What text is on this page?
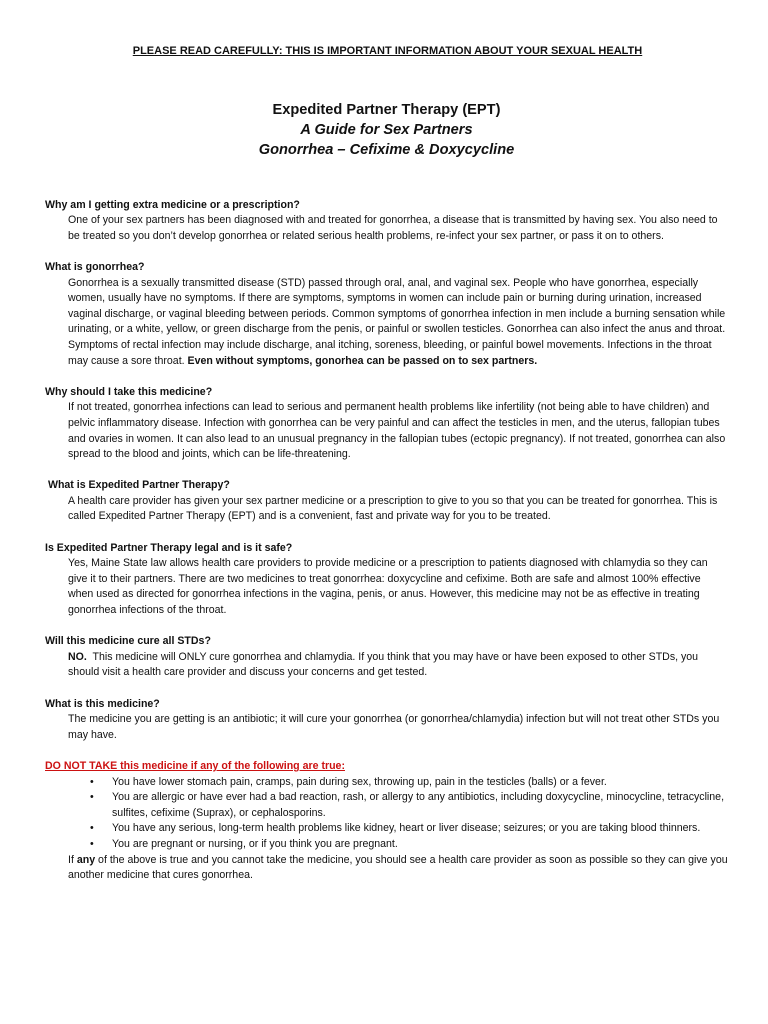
PLEASE READ CAREFULLY: THIS IS IMPORTANT INFORMATION ABOUT YOUR SEXUAL HEALTH
Expedited Partner Therapy (EPT)
A Guide for Sex Partners
Gonorrhea – Cefixime & Doxycycline
Why am I getting extra medicine or a prescription?
One of your sex partners has been diagnosed with and treated for gonorrhea, a disease that is transmitted by having sex. You also need to be treated so you don’t develop gonorrhea or related serious health problems, re-infect your sex partner, or pass it on to others.
What is gonorrhea?
Gonorrhea is a sexually transmitted disease (STD) passed through oral, anal, and vaginal sex. People who have gonorrhea, especially women, usually have no symptoms. If there are symptoms, symptoms in women can include pain or burning during urination, increased vaginal discharge, or vaginal bleeding between periods. Common symptoms of gonorrhea infection in men include a burning sensation while urinating, or a white, yellow, or green discharge from the penis, or painful or swollen testicles. Gonorrhea can also infect the anus and throat. Symptoms of rectal infection may include discharge, anal itching, soreness, bleeding, or painful bowel movements. Infections in the throat may cause a sore throat. Even without symptoms, gonorhea can be passed on to sex partners.
Why should I take this medicine?
If not treated, gonorrhea infections can lead to serious and permanent health problems like infertility (not being able to have children) and pelvic inflammatory disease. Infection with gonorrhea can be very painful and can affect the testicles in men, and the uterus, fallopian tubes and ovaries in women. It can also lead to an unusual pregnancy in the fallopian tubes (ectopic pregnancy). If not treated, gonorrhea can also spread to the blood and joints, which can be life-threatening.
What is Expedited Partner Therapy?
A health care provider has given your sex partner medicine or a prescription to give to you so that you can be treated for gonorrhea. This is called Expedited Partner Therapy (EPT) and is a convenient, fast and private way for you to be treated.
Is Expedited Partner Therapy legal and is it safe?
Yes, Maine State law allows health care providers to provide medicine or a prescription to patients diagnosed with chlamydia so they can give it to their partners. There are two medicines to treat gonorrhea: doxycycline and cefixime. Both are safe and almost 100% effective when used as directed for gonorrhea infections in the vagina, penis, or anus. However, this medicine may not be as effective in treating gonorrhea infections of the throat.
Will this medicine cure all STDs?
NO.  This medicine will ONLY cure gonorrhea and chlamydia. If you think that you may have or have been exposed to other STDs, you should visit a health care provider and discuss your concerns and get tested.
What is this medicine?
The medicine you are getting is an antibiotic; it will cure your gonorrhea (or gonorrhea/chlamydia) infection but will not treat other STDs you may have.
DO NOT TAKE this medicine if any of the following are true:
• You have lower stomach pain, cramps, pain during sex, throwing up, pain in the testicles (balls) or a fever.
• You are allergic or have ever had a bad reaction, rash, or allergy to any antibiotics, including doxycycline, minocycline, tetracycline, sulfites, cefixime (Suprax), or cephalosporins.
• You have any serious, long-term health problems like kidney, heart or liver disease; seizures; or you are taking blood thinners.
• You are pregnant or nursing, or if you think you are pregnant.
If any of the above is true and you cannot take the medicine, you should see a health care provider as soon as possible so they can give you another medicine that cures gonorrhea.
